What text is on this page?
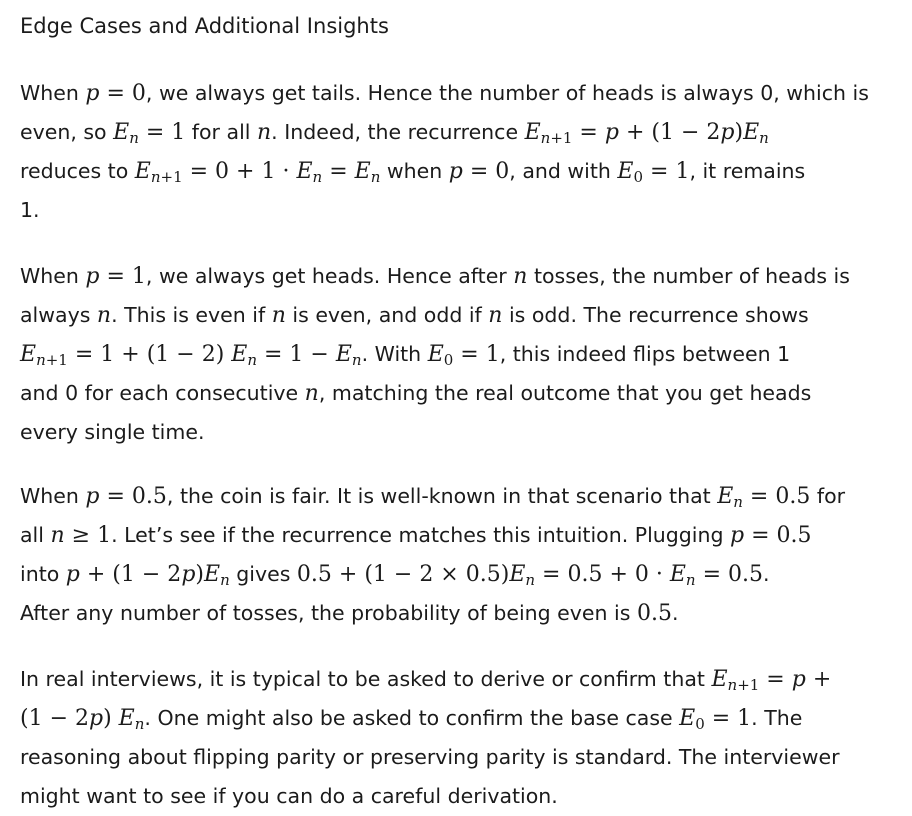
Edge Cases and Additional Insights
When p = 0, we always get tails. Hence the number of heads is always 0, which is
even, so $E_n = 1$ for all n. Indeed, the recurrence $E_{n+1} = p + (1 - 2p)E_n$
reduces to $E_{n+1} = 0 + 1 \cdot E_n = E_n$ when p = 0, and with $E_0 = 1$, it remains
1.
When p = 1, we always get heads. Hence after n tosses, the number of heads is
always n. This is even if n is even, and odd if n is odd. The recurrence shows
$E_{n+1} = 1 + (1 - 2) E_n = 1 - E_n$. With $E_0 = 1$, this indeed flips between 1
and 0 for each consecutive n, matching the real outcome that you get heads
every single time.
When p = 0.5, the coin is fair. It is well-known in that scenario that $E_n = 0.5$ for
all n ≥ 1. Let’s see if the recurrence matches this intuition. Plugging p = 0.5
into $p + (1 - 2p)E_n$ gives $0.5 + (1 - 2 \times 0.5)E_n = 0.5 + 0 \cdot E_n = 0.5$.
After any number of tosses, the probability of being even is 0.5.
In real interviews, it is typical to be asked to derive or confirm that $E_{n+1} = p$ +
(1 − 2p) $E_n$. One might also be asked to confirm the base case $E_0 = 1$. The
reasoning about flipping parity or preserving parity is standard. The interviewer
might want to see if you can do a careful derivation.
